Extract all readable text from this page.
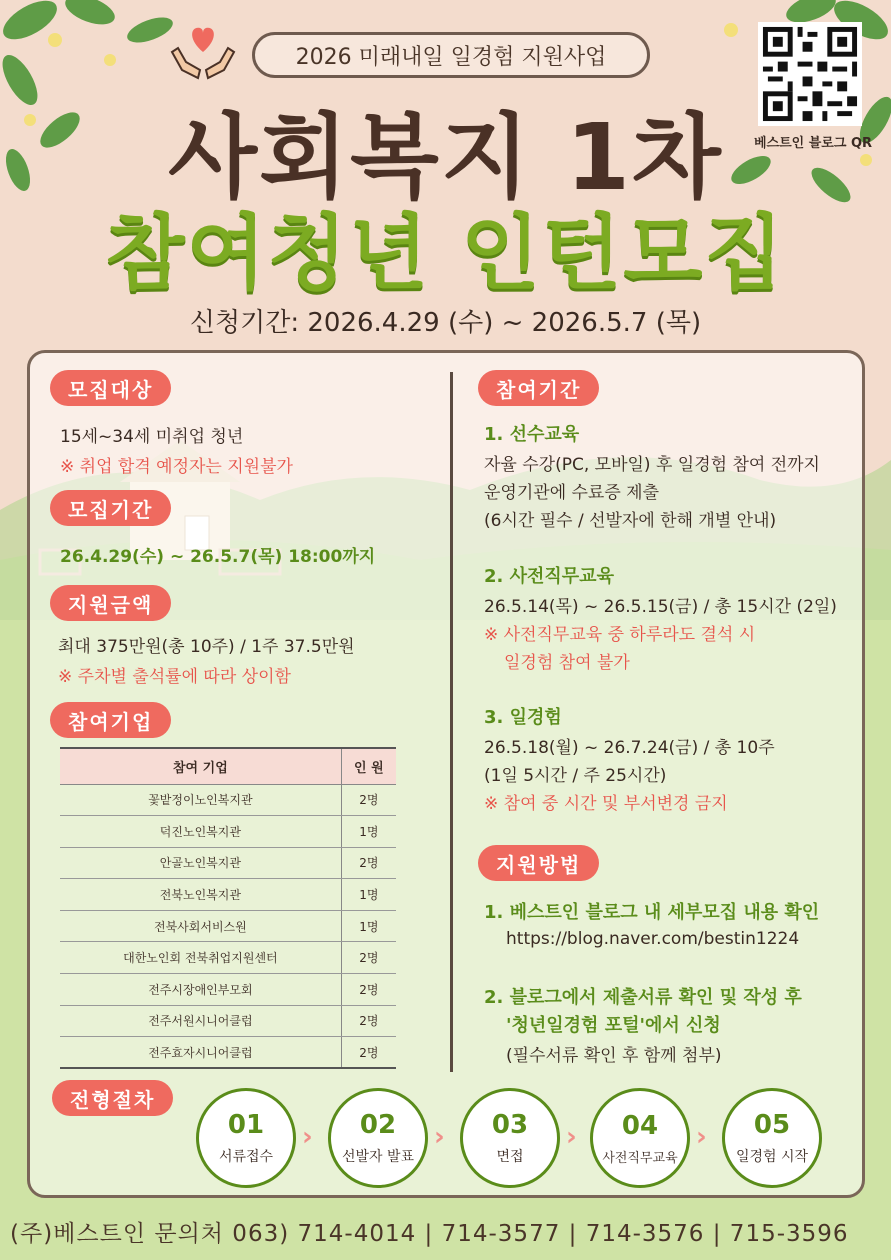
2026 미래내일 일경험 지원사업
베스트인 블로그 QR
사회복지 1차
참여청년 인턴모집
신청기간: 2026.4.29 (수) ~ 2026.5.7 (목)
모집대상
15세~34세 미취업 청년
※ 취업 합격 예정자는 지원불가
모집기간
26.4.29(수) ~ 26.5.7(목) 18:00까지
지원금액
최대 375만원(총 10주) / 1주 37.5만원
※ 주차별 출석률에 따라 상이함
참여기업
참여 기업	인 원
꽃밭정이노인복지관	2명
덕진노인복지관	1명
안골노인복지관	2명
전북노인복지관	1명
전북사회서비스원	1명
대한노인회 전북취업지원센터	2명
전주시장애인부모회	2명
전주서원시니어클럽	2명
전주효자시니어클럽	2명
참여기간
1. 선수교육
자율 수강(PC, 모바일) 후 일경험 참여 전까지
운영기관에 수료증 제출
(6시간 필수 / 선발자에 한해 개별 안내)
2. 사전직무교육
26.5.14(목) ~ 26.5.15(금) / 총 15시간 (2일)
※ 사전직무교육 중 하루라도 결석 시
일경험 참여 불가
3. 일경험
26.5.18(월) ~ 26.7.24(금) / 총 10주
(1일 5시간 / 주 25시간)
※ 참여 중 시간 및 부서변경 금지
지원방법
1. 베스트인 블로그 내 세부모집 내용 확인
https://blog.naver.com/bestin1224
2. 블로그에서 제출서류 확인 및 작성 후
'청년일경험 포털'에서 신청
(필수서류 확인 후 함께 첨부)
전형절차
01
서류접수
› 02
선발자 발표
› 03
면접
› 04
사전직무교육
› 05
일경험 시작
(주)베스트인 문의처 063) 714-4014 | 714-3577 | 714-3576 | 715-3596
